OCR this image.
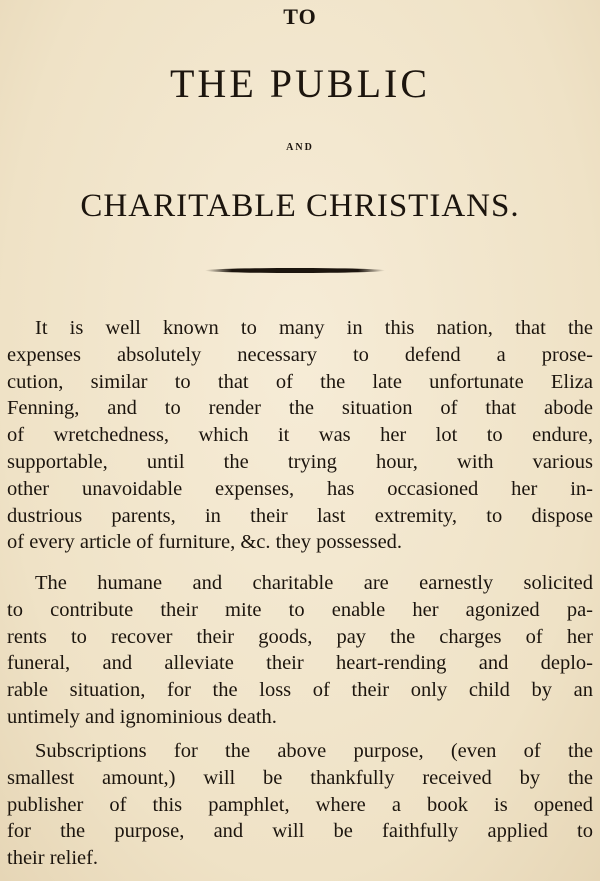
TO
THE PUBLIC
AND
CHARITABLE CHRISTIANS.

It is well known to many in this nation, that the
expenses absolutely necessary to defend a prose-
cution, similar to that of the late unfortunate Eliza
Fenning, and to render the situation of that abode
of wretchedness, which it was her lot to endure,
supportable, until the trying hour, with various
other unavoidable expenses, has occasioned her in-
dustrious parents, in their last extremity, to dispose
of every article of furniture, &c. they possessed.

The humane and charitable are earnestly solicited
to contribute their mite to enable her agonized pa-
rents to recover their goods, pay the charges of her
funeral, and alleviate their heart-rending and deplo-
rable situation, for the loss of their only child by an
untimely and ignominious death.

Subscriptions for the above purpose, (even of the
smallest amount,) will be thankfully received by the
publisher of this pamphlet, where a book is opened
for the purpose, and will be faithfully applied to
their relief.
